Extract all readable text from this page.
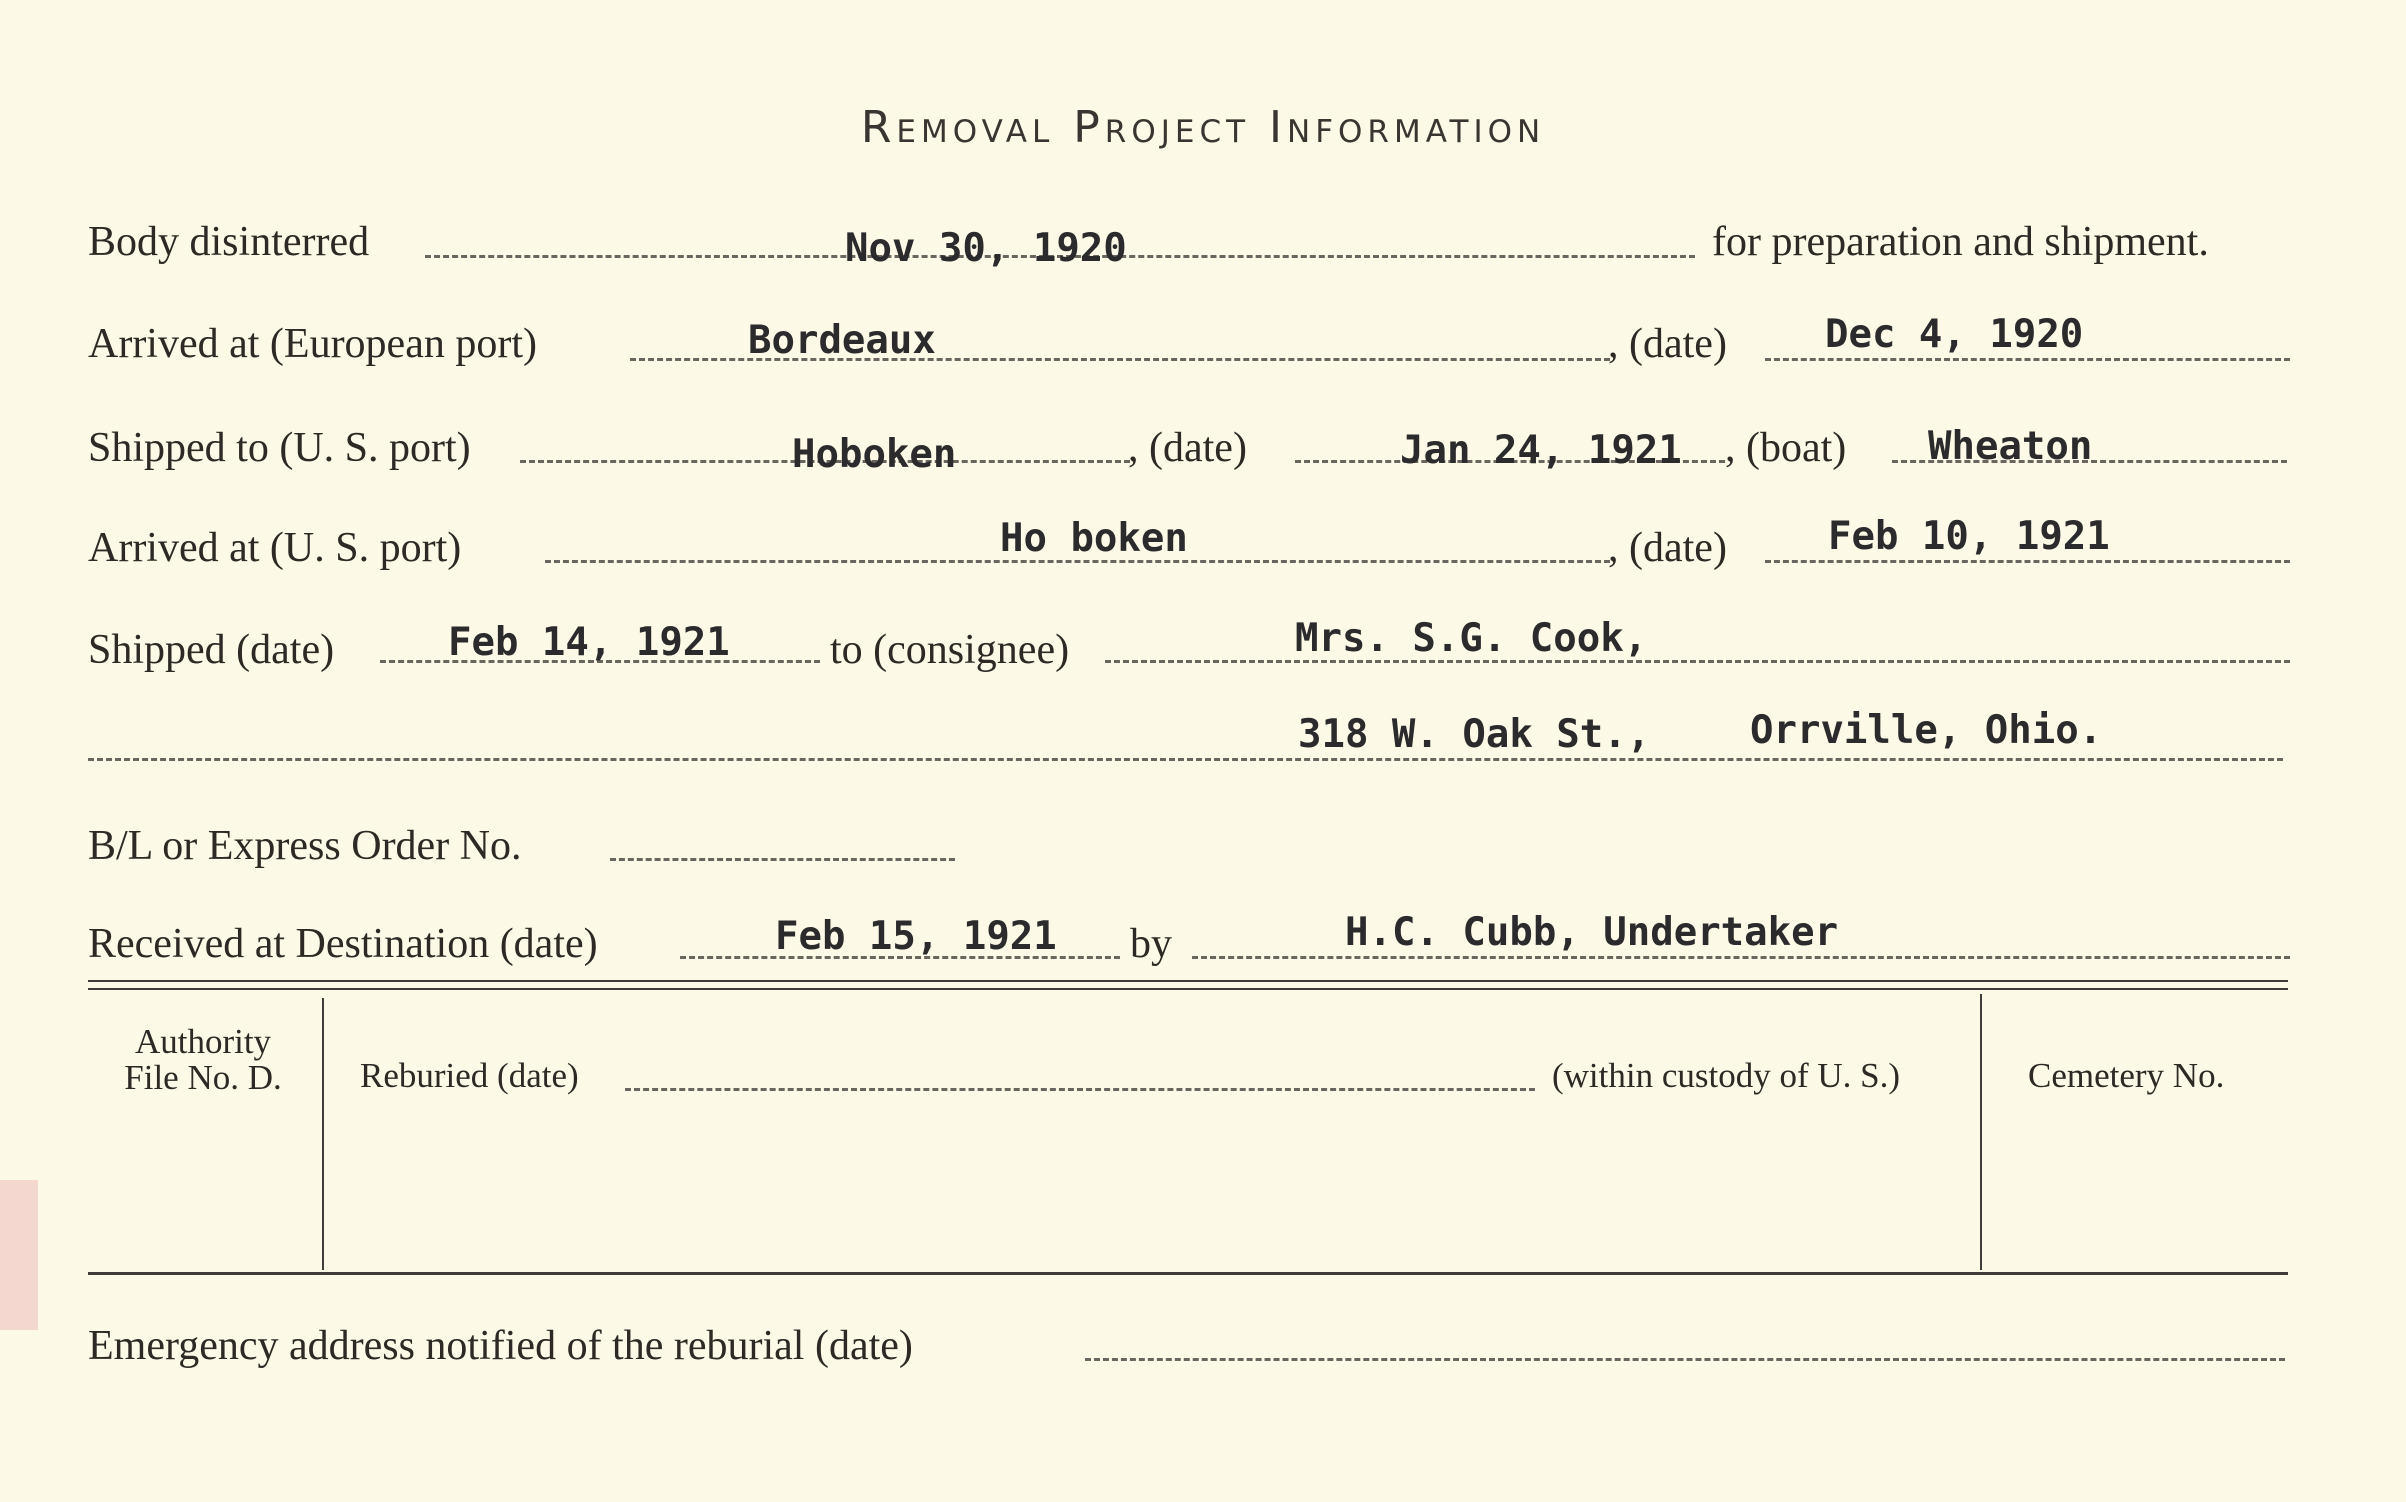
Removal Project Information
Body disinterred	Nov 30, 1920	for preparation and shipment.
Arrived at (European port)	Bordeaux	, (date)	Dec 4, 1920
Shipped to (U. S. port)	Hoboken	, (date)	Jan 24, 1921 , (boat) Wheaton
Arrived at (U. S. port)	Ho boken	, (date)	Feb 10, 1921
Shipped (date)	Feb 14, 1921 to (consignee)	Mrs. S.G. Cook,
318 W. Oak St.,	Orrville, Ohio.
B/L or Express Order No.
Received at Destination (date)	Feb 15, 1921 by	H.C. Cubb, Undertaker
Authority
File No. D.	Reburied (date)	(within custody of U. S.)	Cemetery No.
Emergency address notified of the reburial (date)
